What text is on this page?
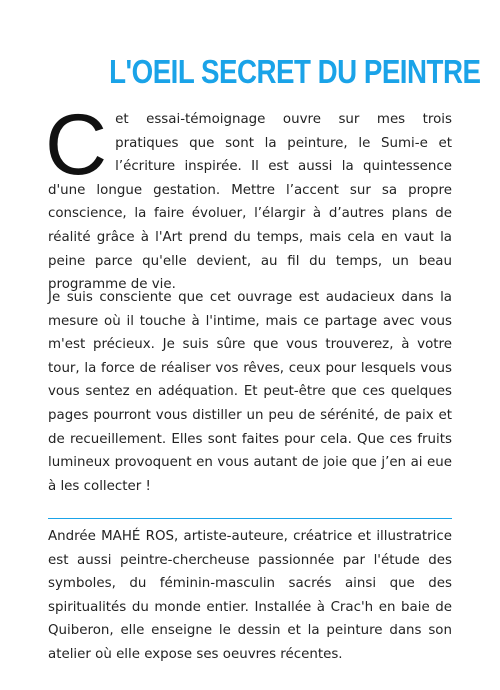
L'OEIL SECRET DU PEINTRE
Cet essai-témoignage ouvre sur mes trois pratiques que sont la peinture, le Sumi-e et l’écriture inspirée. Il est aussi la quintessence d'une longue gestation. Mettre l’accent sur sa propre conscience, la faire évoluer, l’élargir à d’autres plans de réalité grâce à l'Art prend du temps, mais cela en vaut la peine parce qu'elle devient, au fil du temps, un beau programme de vie.
Je suis consciente que cet ouvrage est audacieux dans la mesure où il touche à l'intime, mais ce partage avec vous m'est précieux. Je suis sûre que vous trouverez, à votre tour, la force de réaliser vos rêves, ceux pour lesquels vous vous sentez en adéquation. Et peut-être que ces quelques pages pourront vous distiller un peu de sérénité, de paix et de recueillement. Elles sont faites pour cela. Que ces fruits lumineux provoquent en vous autant de joie que j’en ai eue à les collecter !
Andrée MAHÉ ROS, artiste-auteure, créatrice et illustratrice est aussi peintre-chercheuse passionnée par l'étude des symboles, du féminin-masculin sacrés ainsi que des spiritualités du monde entier. Installée à Crac'h en baie de Quiberon, elle enseigne le dessin et la peinture dans son atelier où elle expose ses oeuvres récentes.
